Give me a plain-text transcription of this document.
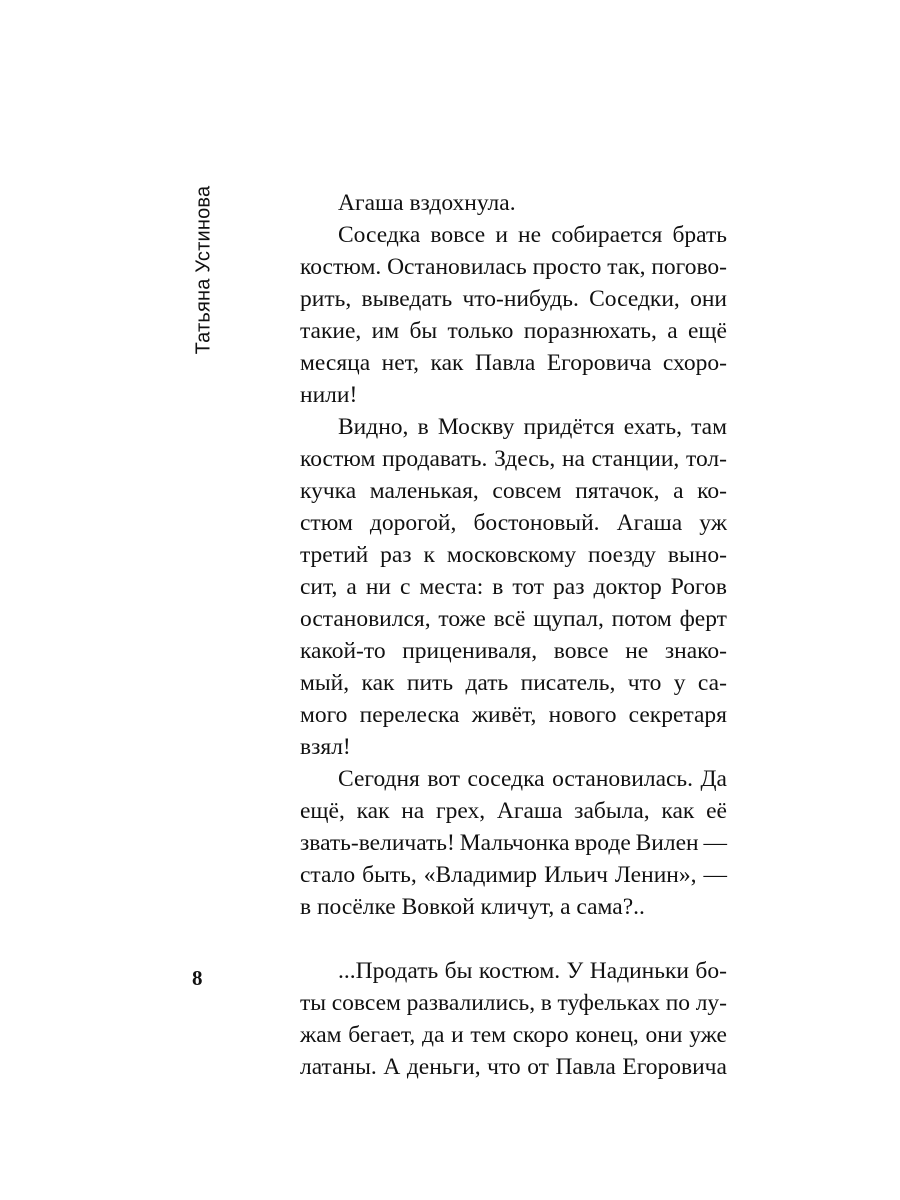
Татьяна Устинова
8
Агаша вздохнула.
Соседка вовсе и не собирается брать
костюм. Остановилась просто так, погово-
рить, выведать что-нибудь. Соседки, они
такие, им бы только поразнюхать, а ещё
месяца нет, как Павла Егоровича схоро-
нили!
Видно, в Москву придётся ехать, там
костюм продавать. Здесь, на станции, тол-
кучка маленькая, совсем пятачок, а ко-
стюм дорогой, бостоновый. Агаша уж
третий раз к московскому поезду выно-
сит, а ни с места: в тот раз доктор Рогов
остановился, тоже всё щупал, потом ферт
какой-то прицениваля, вовсе не знако-
мый, как пить дать писатель, что у са-
мого перелеска живёт, нового секретаря
взял!
Сегодня вот соседка остановилась. Да
ещё, как на грех, Агаша забыла, как её
звать-величать! Мальчонка вроде Вилен —
стало быть, «Владимир Ильич Ленин», —
в посёлке Вовкой кличут, а сама?..
...Продать бы костюм. У Надиньки бо-
ты совсем развалились, в туфельках по лу-
жам бегает, да и тем скоро конец, они уже
латаны. А деньги, что от Павла Егоровича
